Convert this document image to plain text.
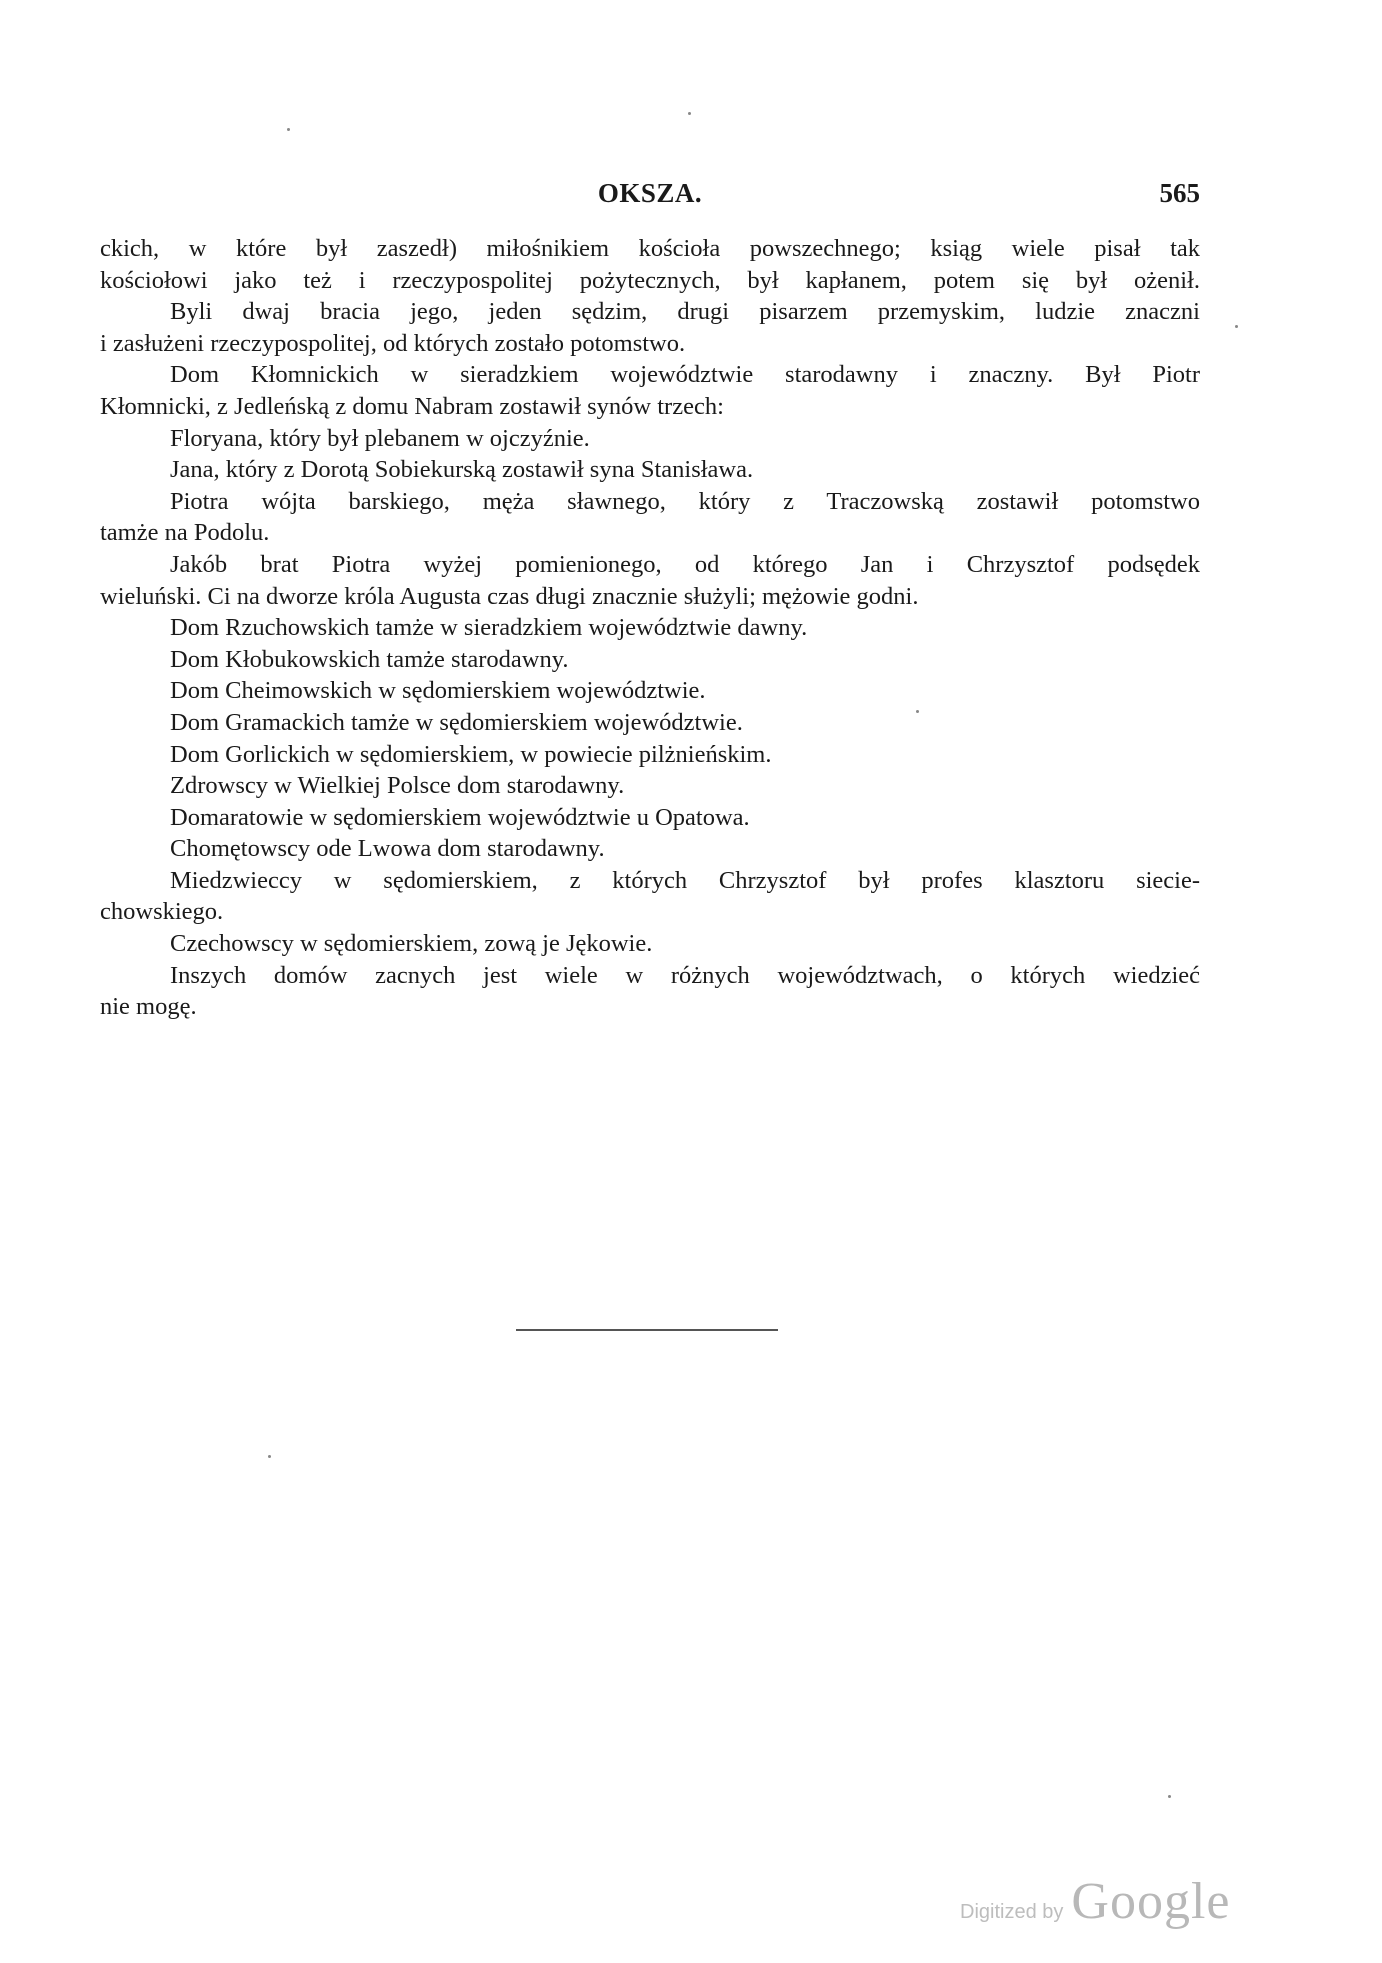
OKSZA.	565
ckich, w które był zaszedł) miłośnikiem kościoła powszechnego; ksiąg wiele pisał tak
kościołowi jako też i rzeczypospolitej pożytecznych, był kapłanem, potem się był ożenił.
Byli dwaj bracia jego, jeden sędzim, drugi pisarzem przemyskim, ludzie znaczni
i zasłużeni rzeczypospolitej, od których zostało potomstwo.
Dom Kłomnickich w sieradzkiem województwie starodawny i znaczny. Był Piotr
Kłomnicki, z Jedleńską z domu Nabram zostawił synów trzech:
Floryana, który był plebanem w ojczyźnie.
Jana, który z Dorotą Sobiekurską zostawił syna Stanisława.
Piotra wójta barskiego, męża sławnego, który z Traczowską zostawił potomstwo
tamże na Podolu.
Jakób brat Piotra wyżej pomienionego, od którego Jan i Chrzysztof podsędek
wieluński. Ci na dworze króla Augusta czas długi znacznie służyli; mężowie godni.
Dom Rzuchowskich tamże w sieradzkiem województwie dawny.
Dom Kłobukowskich tamże starodawny.
Dom Cheimowskich w sędomierskiem województwie.
Dom Gramackich tamże w sędomierskiem województwie.
Dom Gorlickich w sędomierskiem, w powiecie pilżnieńskim.
Zdrowscy w Wielkiej Polsce dom starodawny.
Domaratowie w sędomierskiem województwie u Opatowa.
Chomętowscy ode Lwowa dom starodawny.
Miedzwieccy w sędomierskiem, z których Chrzysztof był profes klasztoru siecie-
chowskiego.
Czechowscy w sędomierskiem, zową je Jękowie.
Inszych domów zacnych jest wiele w różnych województwach, o których wiedzieć
nie mogę.
Digitized by Google
